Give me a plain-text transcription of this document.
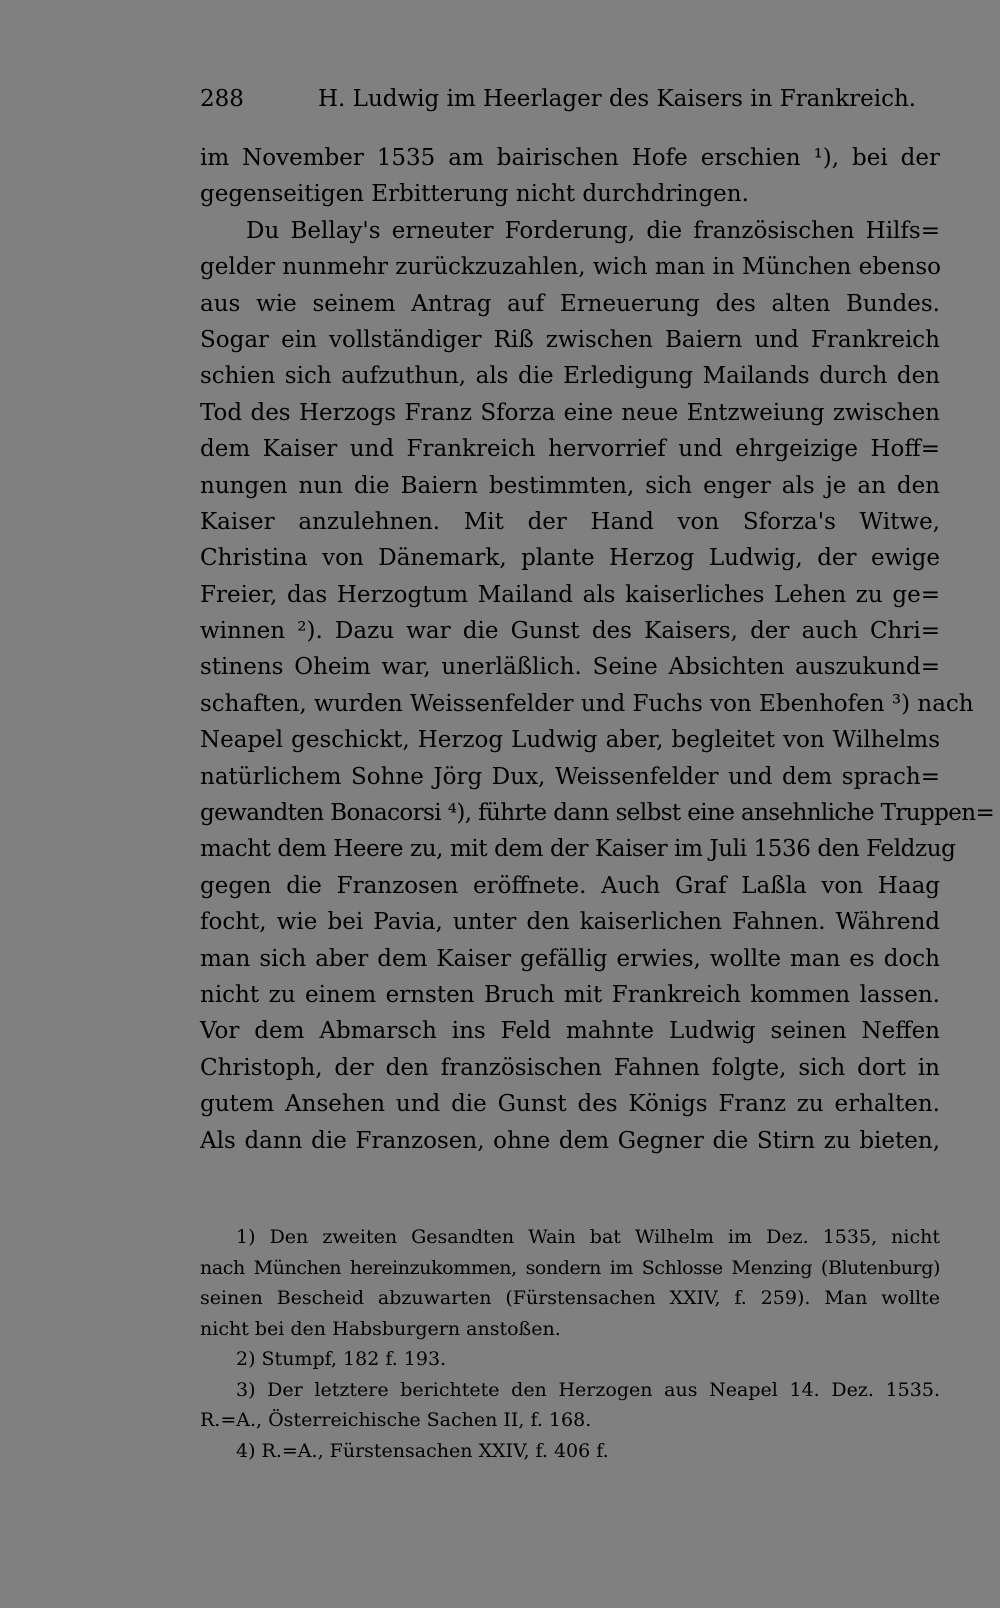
288	H. Ludwig im Heerlager des Kaisers in Frankreich.
im November 1535 am bairischen Hofe erschien ¹), bei der
gegenseitigen Erbitterung nicht durchdringen.
Du Bellay's erneuter Forderung, die französischen Hilfs=
gelder nunmehr zurückzuzahlen, wich man in München ebenso
aus wie seinem Antrag auf Erneuerung des alten Bundes.
Sogar ein vollständiger Riß zwischen Baiern und Frankreich
schien sich aufzuthun, als die Erledigung Mailands durch den
Tod des Herzogs Franz Sforza eine neue Entzweiung zwischen
dem Kaiser und Frankreich hervorrief und ehrgeizige Hoff=
nungen nun die Baiern bestimmten, sich enger als je an den
Kaiser anzulehnen. Mit der Hand von Sforza's Witwe,
Christina von Dänemark, plante Herzog Ludwig, der ewige
Freier, das Herzogtum Mailand als kaiserliches Lehen zu ge=
winnen ²). Dazu war die Gunst des Kaisers, der auch Chri=
stinens Oheim war, unerläßlich. Seine Absichten auszukund=
schaften, wurden Weissenfelder und Fuchs von Ebenhofen ³) nach
Neapel geschickt, Herzog Ludwig aber, begleitet von Wilhelms
natürlichem Sohne Jörg Dux, Weissenfelder und dem sprach=
gewandten Bonacorsi ⁴), führte dann selbst eine ansehnliche Truppen=
macht dem Heere zu, mit dem der Kaiser im Juli 1536 den Feldzug
gegen die Franzosen eröffnete. Auch Graf Laßla von Haag
focht, wie bei Pavia, unter den kaiserlichen Fahnen. Während
man sich aber dem Kaiser gefällig erwies, wollte man es doch
nicht zu einem ernsten Bruch mit Frankreich kommen lassen.
Vor dem Abmarsch ins Feld mahnte Ludwig seinen Neffen
Christoph, der den französischen Fahnen folgte, sich dort in
gutem Ansehen und die Gunst des Königs Franz zu erhalten.
Als dann die Franzosen, ohne dem Gegner die Stirn zu bieten,
1) Den zweiten Gesandten Wain bat Wilhelm im Dez. 1535, nicht
nach München hereinzukommen, sondern im Schlosse Menzing (Blutenburg)
seinen Bescheid abzuwarten (Fürstensachen XXIV, f. 259). Man wollte
nicht bei den Habsburgern anstoßen.
2) Stumpf, 182 f. 193.
3) Der letztere berichtete den Herzogen aus Neapel 14. Dez. 1535.
R.=A., Österreichische Sachen II, f. 168.
4) R.=A., Fürstensachen XXIV, f. 406 f.
